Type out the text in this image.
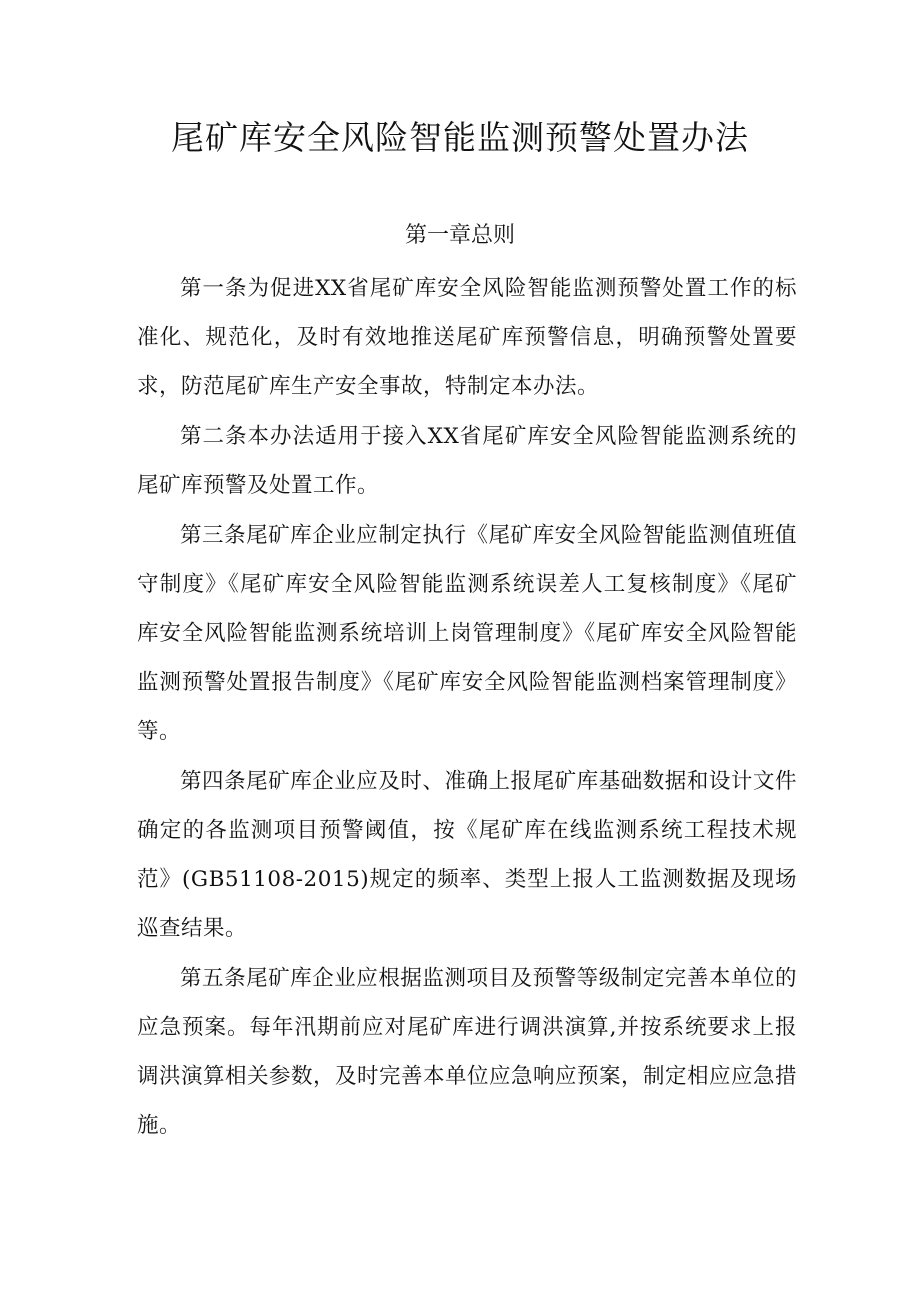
尾矿库安全风险智能监测预警处置办法
第一章总则

第一条为促进XX省尾矿库安全风险智能监测预警处置工作的标准化、规范化，及时有效地推送尾矿库预警信息，明确预警处置要求，防范尾矿库生产安全事故，特制定本办法。

第二条本办法适用于接入XX省尾矿库安全风险智能监测系统的尾矿库预警及处置工作。

第三条尾矿库企业应制定执行《尾矿库安全风险智能监测值班值守制度》《尾矿库安全风险智能监测系统误差人工复核制度》《尾矿库安全风险智能监测系统培训上岗管理制度》《尾矿库安全风险智能监测预警处置报告制度》《尾矿库安全风险智能监测档案管理制度》等。

第四条尾矿库企业应及时、准确上报尾矿库基础数据和设计文件确定的各监测项目预警阈值，按《尾矿库在线监测系统工程技术规范》(GB51108-2015)规定的频率、类型上报人工监测数据及现场巡查结果。

第五条尾矿库企业应根据监测项目及预警等级制定完善本单位的应急预案。每年汛期前应对尾矿库进行调洪演算,并按系统要求上报调洪演算相关参数，及时完善本单位应急响应预案，制定相应应急措施。
